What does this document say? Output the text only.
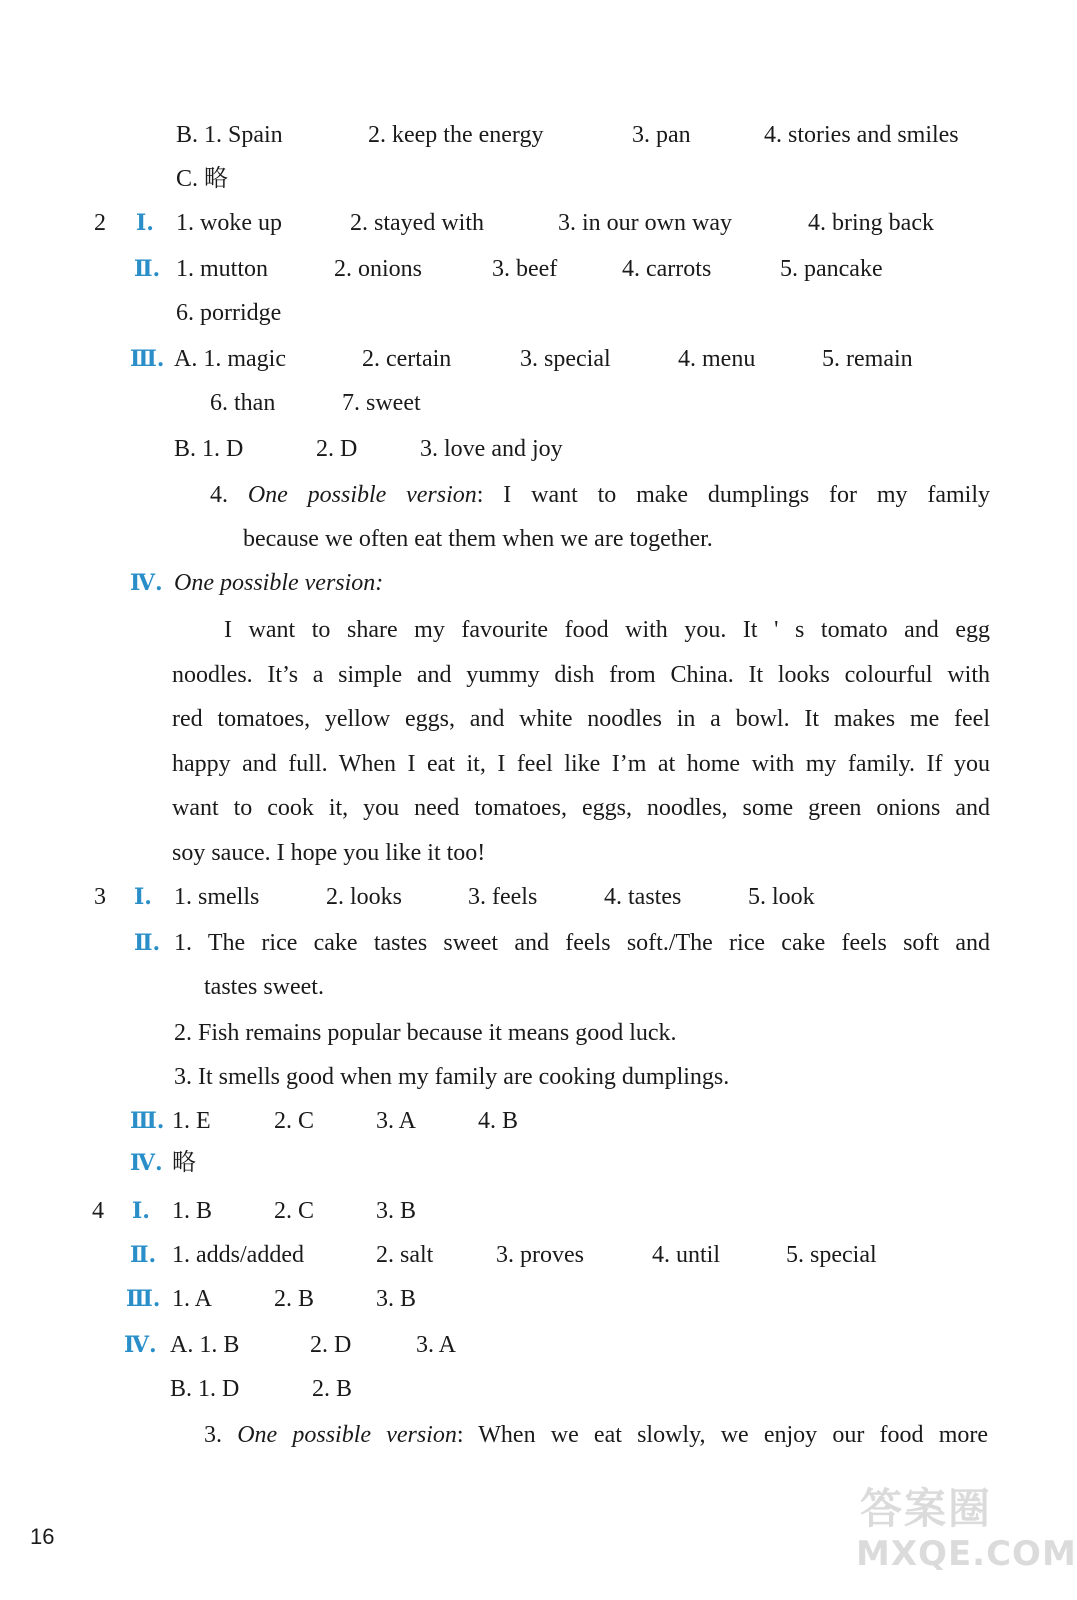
B. 1. Spain	2. keep the energy	3. pan	4. stories and smiles
C. 略
2 Ⅰ. 1. woke up	2. stayed with	3. in our own way	4. bring back
Ⅱ. 1. mutton	2. onions	3. beef	4. carrots	5. pancake
6. porridge
Ⅲ. A. 1. magic	2. certain	3. special	4. menu	5. remain
6. than	7. sweet
B. 1. D	2. D	3. love and joy
Ⅳ. One possible version:
3 Ⅰ. 1. smells	2. looks	3. feels	4. tastes	5. look
2. Fish remains popular because it means good luck.
3. It smells good when my family are cooking dumplings.
Ⅲ. 1. E	2. C	3. A	4. B
Ⅳ. 略
4 Ⅰ. 1. B	2. C	3. B
Ⅱ. 1. adds/added	2. salt	3. proves	4. until	5. special
Ⅲ. 1. A	2. B	3. B
Ⅳ. A. 1. B	2. D	3. A
B. 1. D	2. B
4. One possible version: I want to make dumplings for my family
because we often eat them when we are together.
Ⅱ. 1. The rice cake tastes sweet and feels soft./The rice cake feels soft and
tastes sweet.
3. One possible version: When we eat slowly, we enjoy our food more
I want to share my favourite food with you. It ' s tomato and egg
noodles. It’s a simple and yummy dish from China. It looks colourful with
red tomatoes, yellow eggs, and white noodles in a bowl. It makes me feel
happy and full. When I eat it, I feel like I’m at home with my family. If you
want to cook it, you need tomatoes, eggs, noodles, some green onions and
soy sauce. I hope you like it too!
16
答案圈
MXQE.COM
